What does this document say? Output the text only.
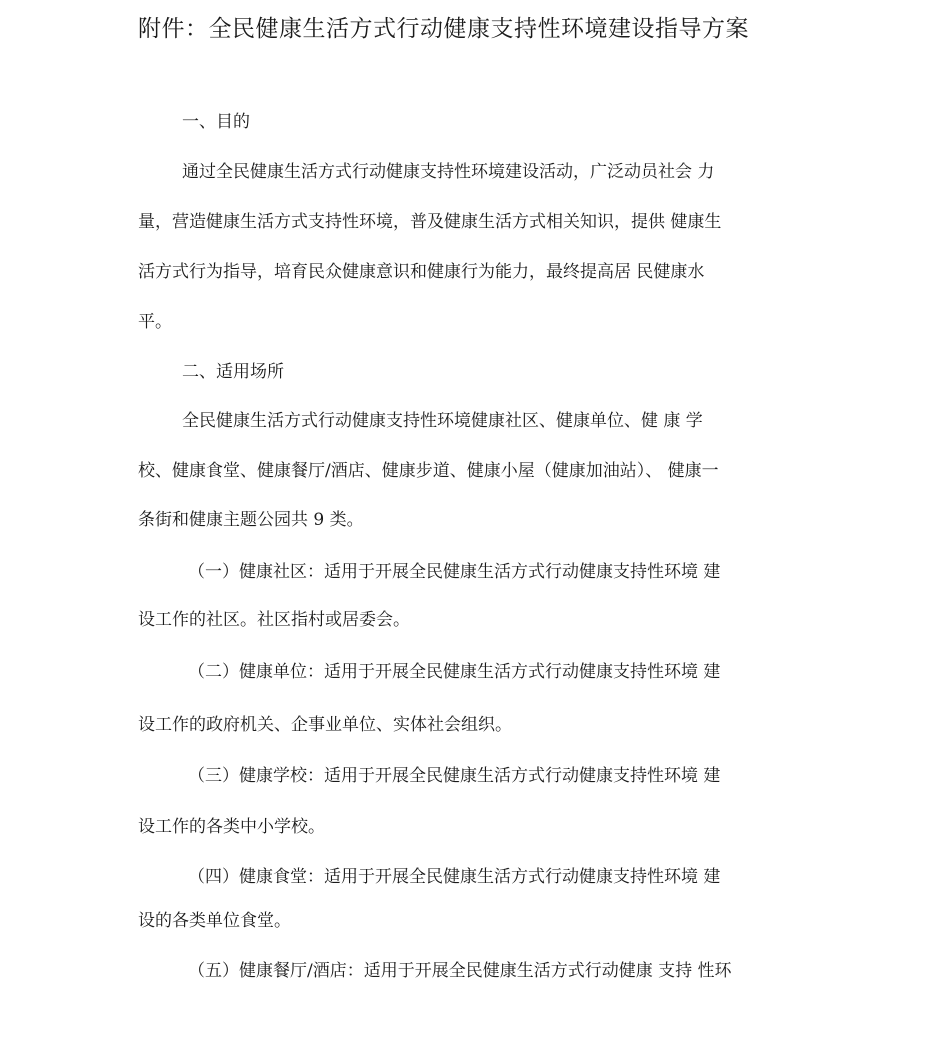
附件：全民健康生活方式行动健康支持性环境建设指导方案
一、目的
通过全民健康生活方式行动健康支持性环境建设活动，广泛动员社会 力
量，营造健康生活方式支持性环境，普及健康生活方式相关知识，提供 健康生
活方式行为指导，培育民众健康意识和健康行为能力，最终提高居 民健康水
平。
二、适用场所
全民健康生活方式行动健康支持性环境健康社区、健康单位、健 康 学
校、健康食堂、健康餐厅/酒店、健康步道、健康小屋（健康加油站）、 健康一
条街和健康主题公园共 9 类。
（一）健康社区：适用于开展全民健康生活方式行动健康支持性环境 建
设工作的社区。社区指村或居委会。
（二）健康单位：适用于开展全民健康生活方式行动健康支持性环境 建
设工作的政府机关、企事业单位、实体社会组织。
（三）健康学校：适用于开展全民健康生活方式行动健康支持性环境 建
设工作的各类中小学校。
（四）健康食堂：适用于开展全民健康生活方式行动健康支持性环境 建
设的各类单位食堂。
（五）健康餐厅/酒店：适用于开展全民健康生活方式行动健康 支持 性环
